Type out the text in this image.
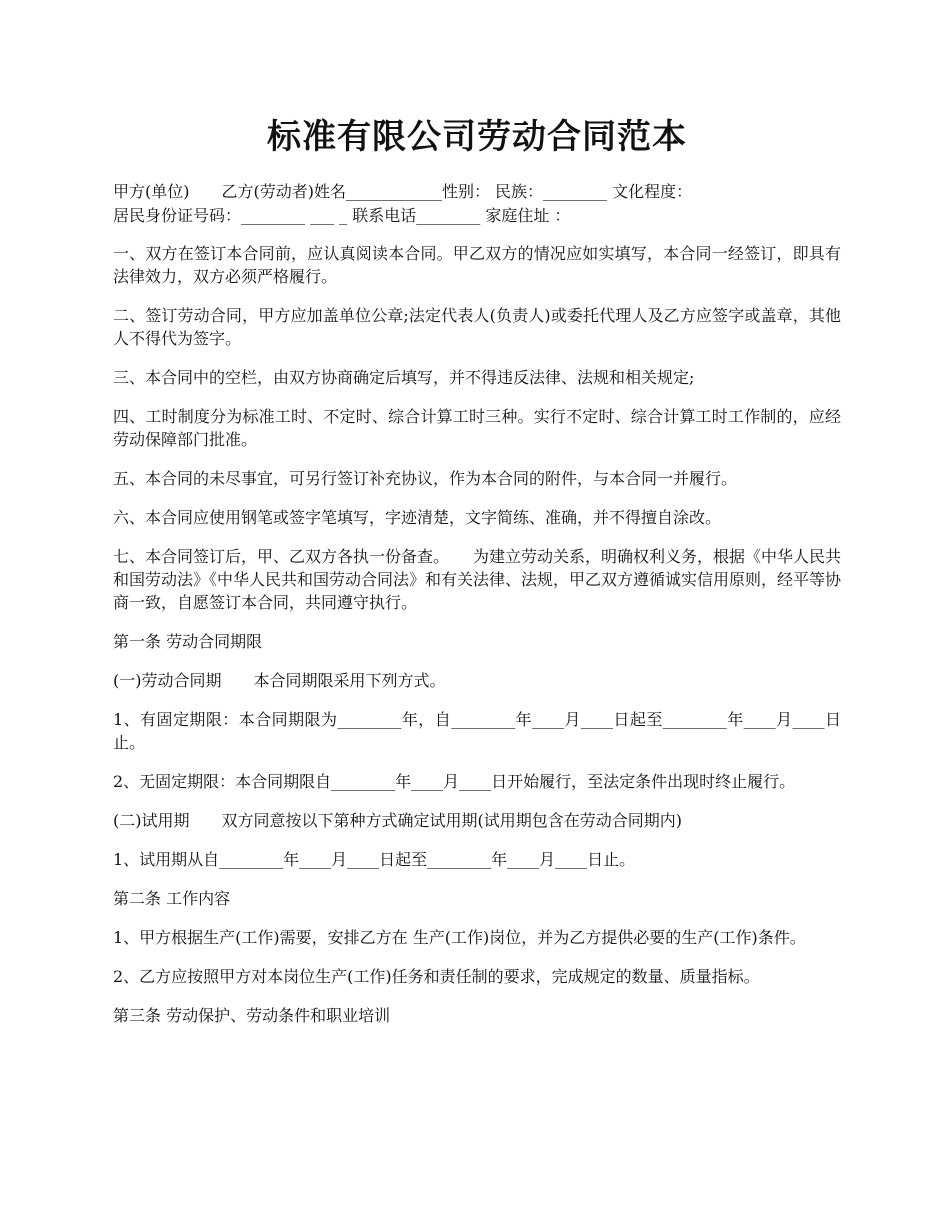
标准有限公司劳动合同范本
甲方(单位)　　乙方(劳动者)姓名____________性别： 民族：________ 文化程度：
居民身份证号码：________ ___ _ 联系电话________ 家庭住址 ：

一、双方在签订本合同前，应认真阅读本合同。甲乙双方的情况应如实填写，本合同一经签订，即具有法律效力，双方必须严格履行。

二、签订劳动合同，甲方应加盖单位公章;法定代表人(负责人)或委托代理人及乙方应签字或盖章，其他人不得代为签字。

三、本合同中的空栏，由双方协商确定后填写，并不得违反法律、法规和相关规定;

四、工时制度分为标准工时、不定时、综合计算工时三种。实行不定时、综合计算工时工作制的，应经劳动保障部门批准。

五、本合同的未尽事宜，可另行签订补充协议，作为本合同的附件，与本合同一并履行。

六、本合同应使用钢笔或签字笔填写，字迹清楚，文字简练、准确，并不得擅自涂改。

七、本合同签订后，甲、乙双方各执一份备查。　　为建立劳动关系，明确权利义务，根据《中华人民共和国劳动法》《中华人民共和国劳动合同法》和有关法律、法规，甲乙双方遵循诚实信用原则，经平等协商一致，自愿签订本合同，共同遵守执行。

第一条 劳动合同期限

(一)劳动合同期　　本合同期限采用下列方式。

1、有固定期限：本合同期限为________年，自________年____月____日起至________年____月____日止。

2、无固定期限：本合同期限自________年____月____日开始履行，至法定条件出现时终止履行。

(二)试用期　　双方同意按以下第种方式确定试用期(试用期包含在劳动合同期内)

1、试用期从自________年____月____日起至________年____月____日止。

第二条 工作内容

1、甲方根据生产(工作)需要，安排乙方在 生产(工作)岗位，并为乙方提供必要的生产(工作)条件。

2、乙方应按照甲方对本岗位生产(工作)任务和责任制的要求，完成规定的数量、质量指标。

第三条 劳动保护、劳动条件和职业培训
